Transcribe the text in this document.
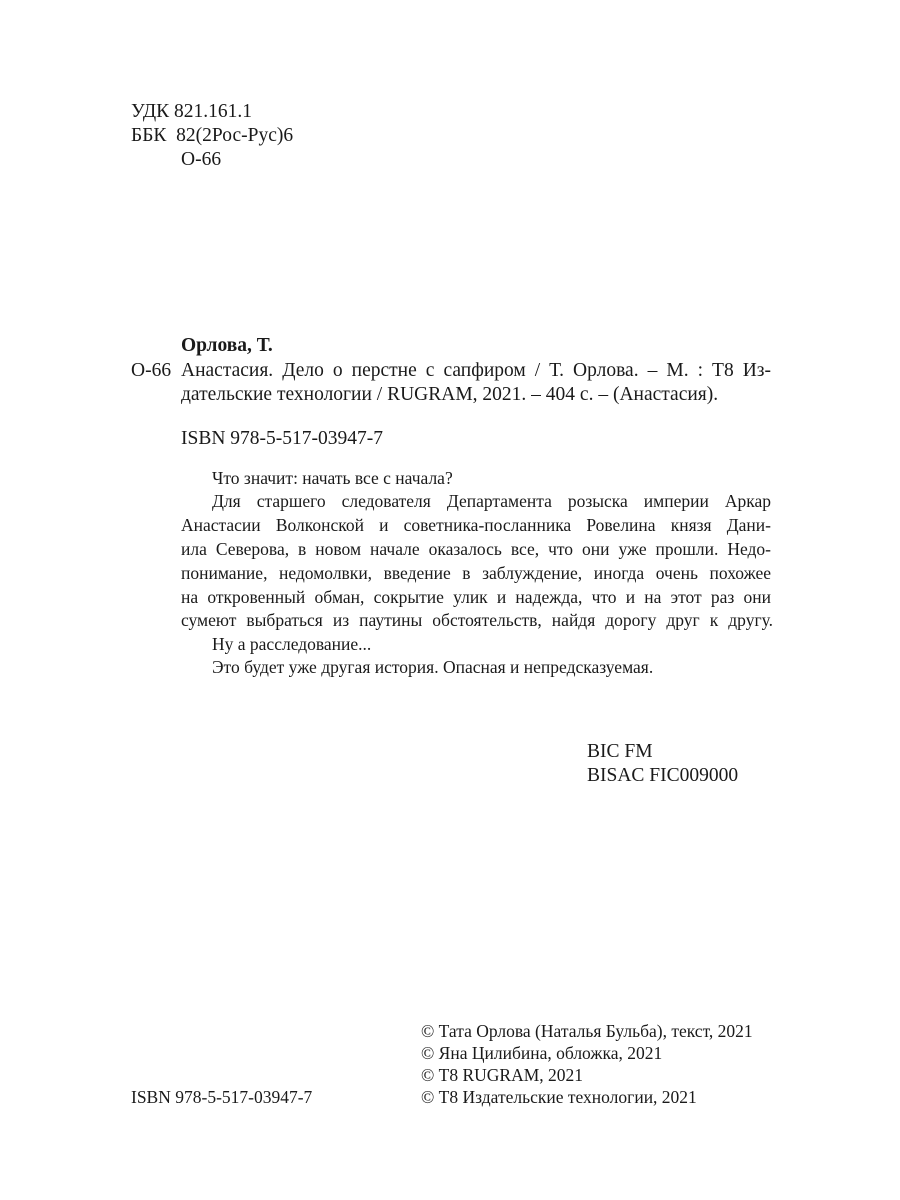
УДК 821.161.1
ББК  82(2Рос-Рус)6
О-66
Орлова, Т.
О-66 Анастасия. Дело о перстне с сапфиром / Т. Орлова. – М. : Т8 Из-
дательские технологии / RUGRAM, 2021. – 404 с. – (Анастасия).
ISBN 978-5-517-03947-7
Что значит: начать все с начала?
Для старшего следователя Департамента розыска империи Аркар
Анастасии Волконской и советника-посланника Ровелина князя Дани-
ила Северова, в новом начале оказалось все, что они уже прошли. Недо-
понимание, недомолвки, введение в заблуждение, иногда очень похожее
на откровенный обман, сокрытие улик и надежда, что и на этот раз они
сумеют выбраться из паутины обстоятельств, найдя дорогу друг к другу.
Ну а расследование...
Это будет уже другая история. Опасная и непредсказуемая.
BIC FM
BISAC FIC009000
© Тата Орлова (Наталья Бульба), текст, 2021
© Яна Цилибина, обложка, 2021
© Т8 RUGRAM, 2021
© Т8 Издательские технологии, 2021
ISBN 978-5-517-03947-7
